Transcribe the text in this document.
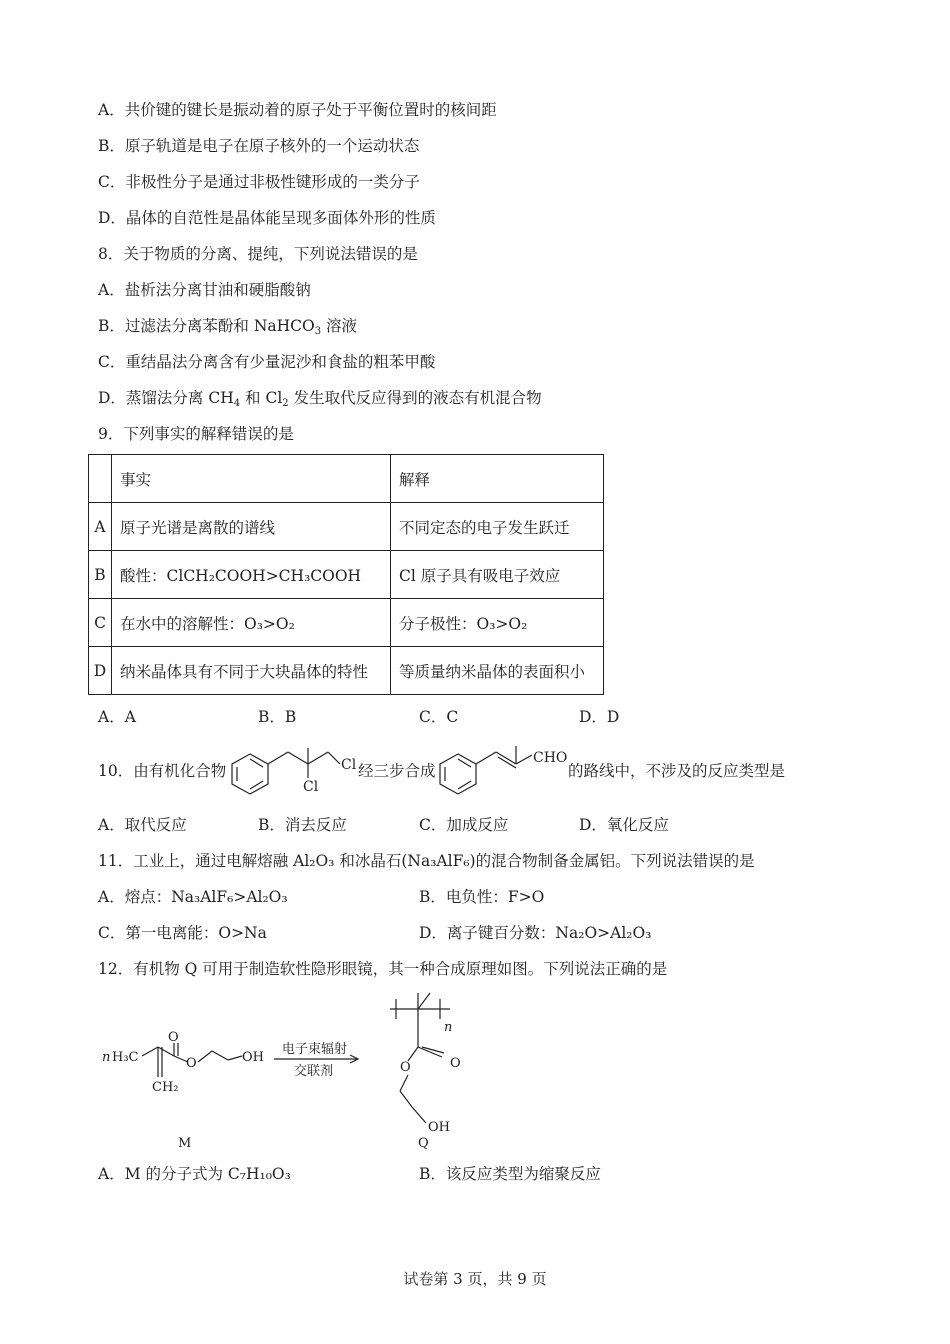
A．共价键的键长是振动着的原子处于平衡位置时的核间距
B．原子轨道是电子在原子核外的一个运动状态
C．非极性分子是通过非极性键形成的一类分子
D．晶体的自范性是晶体能呈现多面体外形的性质
8．关于物质的分离、提纯，下列说法错误的是
A．盐析法分离甘油和硬脂酸钠
B．过滤法分离苯酚和 NaHCO$_3$ 溶液
C．重结晶法分离含有少量泥沙和食盐的粗苯甲酸
D．蒸馏法分离 $CH_4$ 和 $Cl_2$ 发生取代反应得到的液态有机混合物
9．下列事实的解释错误的是
	事实	解释
A	原子光谱是离散的谱线	不同定态的电子发生跃迁
B	酸性：ClCH₂COOH>CH₃COOH	Cl 原子具有吸电子效应
C	在水中的溶解性：O₃>O₂	分子极性：O₃>O₂
D	纳米晶体具有不同于大块晶体的特性	等质量纳米晶体的表面积小
A．A	B．B	C．C	D．D
10．由有机化合物	Cl
Cl
经三步合成
CHO
的路线中，不涉及的反应类型是
A．取代反应	B．消去反应	C．加成反应	D．氧化反应
11．工业上，通过电解熔融 Al₂O₃ 和冰晶石(Na₃AlF₆)的混合物制备金属铝。下列说法错误的是
A．熔点：Na₃AlF₆>Al₂O₃	B．电负性：F>O
C．第一电离能：O>Na	D．离子键百分数：Na₂O>Al₂O₃
12．有机物 Q 可用于制造软性隐形眼镜，其一种合成原理如图。下列说法正确的是
n H₃C
O
O	OH
CH₂
M
电子束辐射
交联剂
n
O
O
OH
Q
A．M 的分子式为 C₇H₁₀O₃	B．该反应类型为缩聚反应
试卷第 3 页，共 9 页
